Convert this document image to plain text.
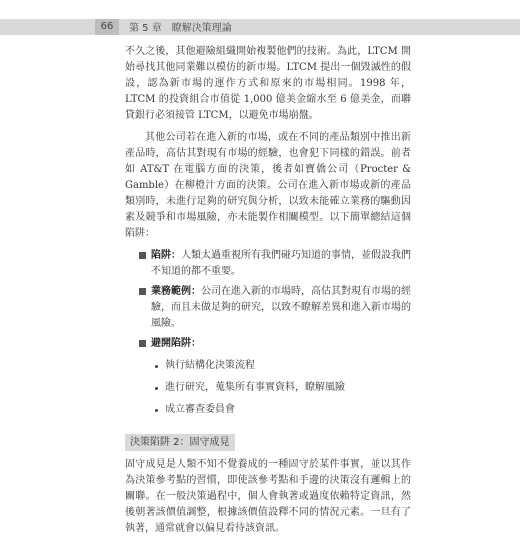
66	第 5 章　瞭解決策理論

不久之後，其他避險組織開始複製他們的技術。為此，LTCM 開始尋找其他同業難以模仿的新市場。LTCM 提出一個毀滅性的假設，認為新市場的運作方式和原來的市場相同。1998 年，LTCM 的投資組合市值從 1,000 億美金縮水至 6 億美金，而聯貸銀行必須接管 LTCM，以避免市場崩盤。

其他公司若在進入新的市場，或在不同的產品類別中推出新產品時，高估其對現有市場的經驗，也會犯下同樣的錯誤。前者如 AT&T 在電腦方面的決策，後者如寶僑公司（Procter & Gamble）在柳橙汁方面的決策。公司在進入新市場或新的產品類別時，未進行足夠的研究與分析，以致未能確立業務的驅動因素及競爭和市場風險，亦未能製作相關模型。以下簡單總結這個陷阱：

陷阱：人類太過重視所有我們碰巧知道的事情，並假設我們不知道的都不重要。
業務範例：公司在進入新的市場時，高估其對現有市場的經驗，而且未做足夠的研究，以致不瞭解差異和進入新市場的風險。
避開陷阱：
執行結構化決策流程
進行研究，蒐集所有事實資料，瞭解風險
成立審查委員會
決策陷阱 2：固守成見

固守成見是人類不知不覺養成的一種固守於某件事實，並以其作為決策參考點的習慣，即使該參考點和手邊的決策沒有邏輯上的關聯。在一般決策過程中，個人會執著或過度依賴特定資訊，然後朝著該價值調整，根據該價值設釋不同的情況元素。一旦有了執著，通常就會以偏見看待該資訊。
